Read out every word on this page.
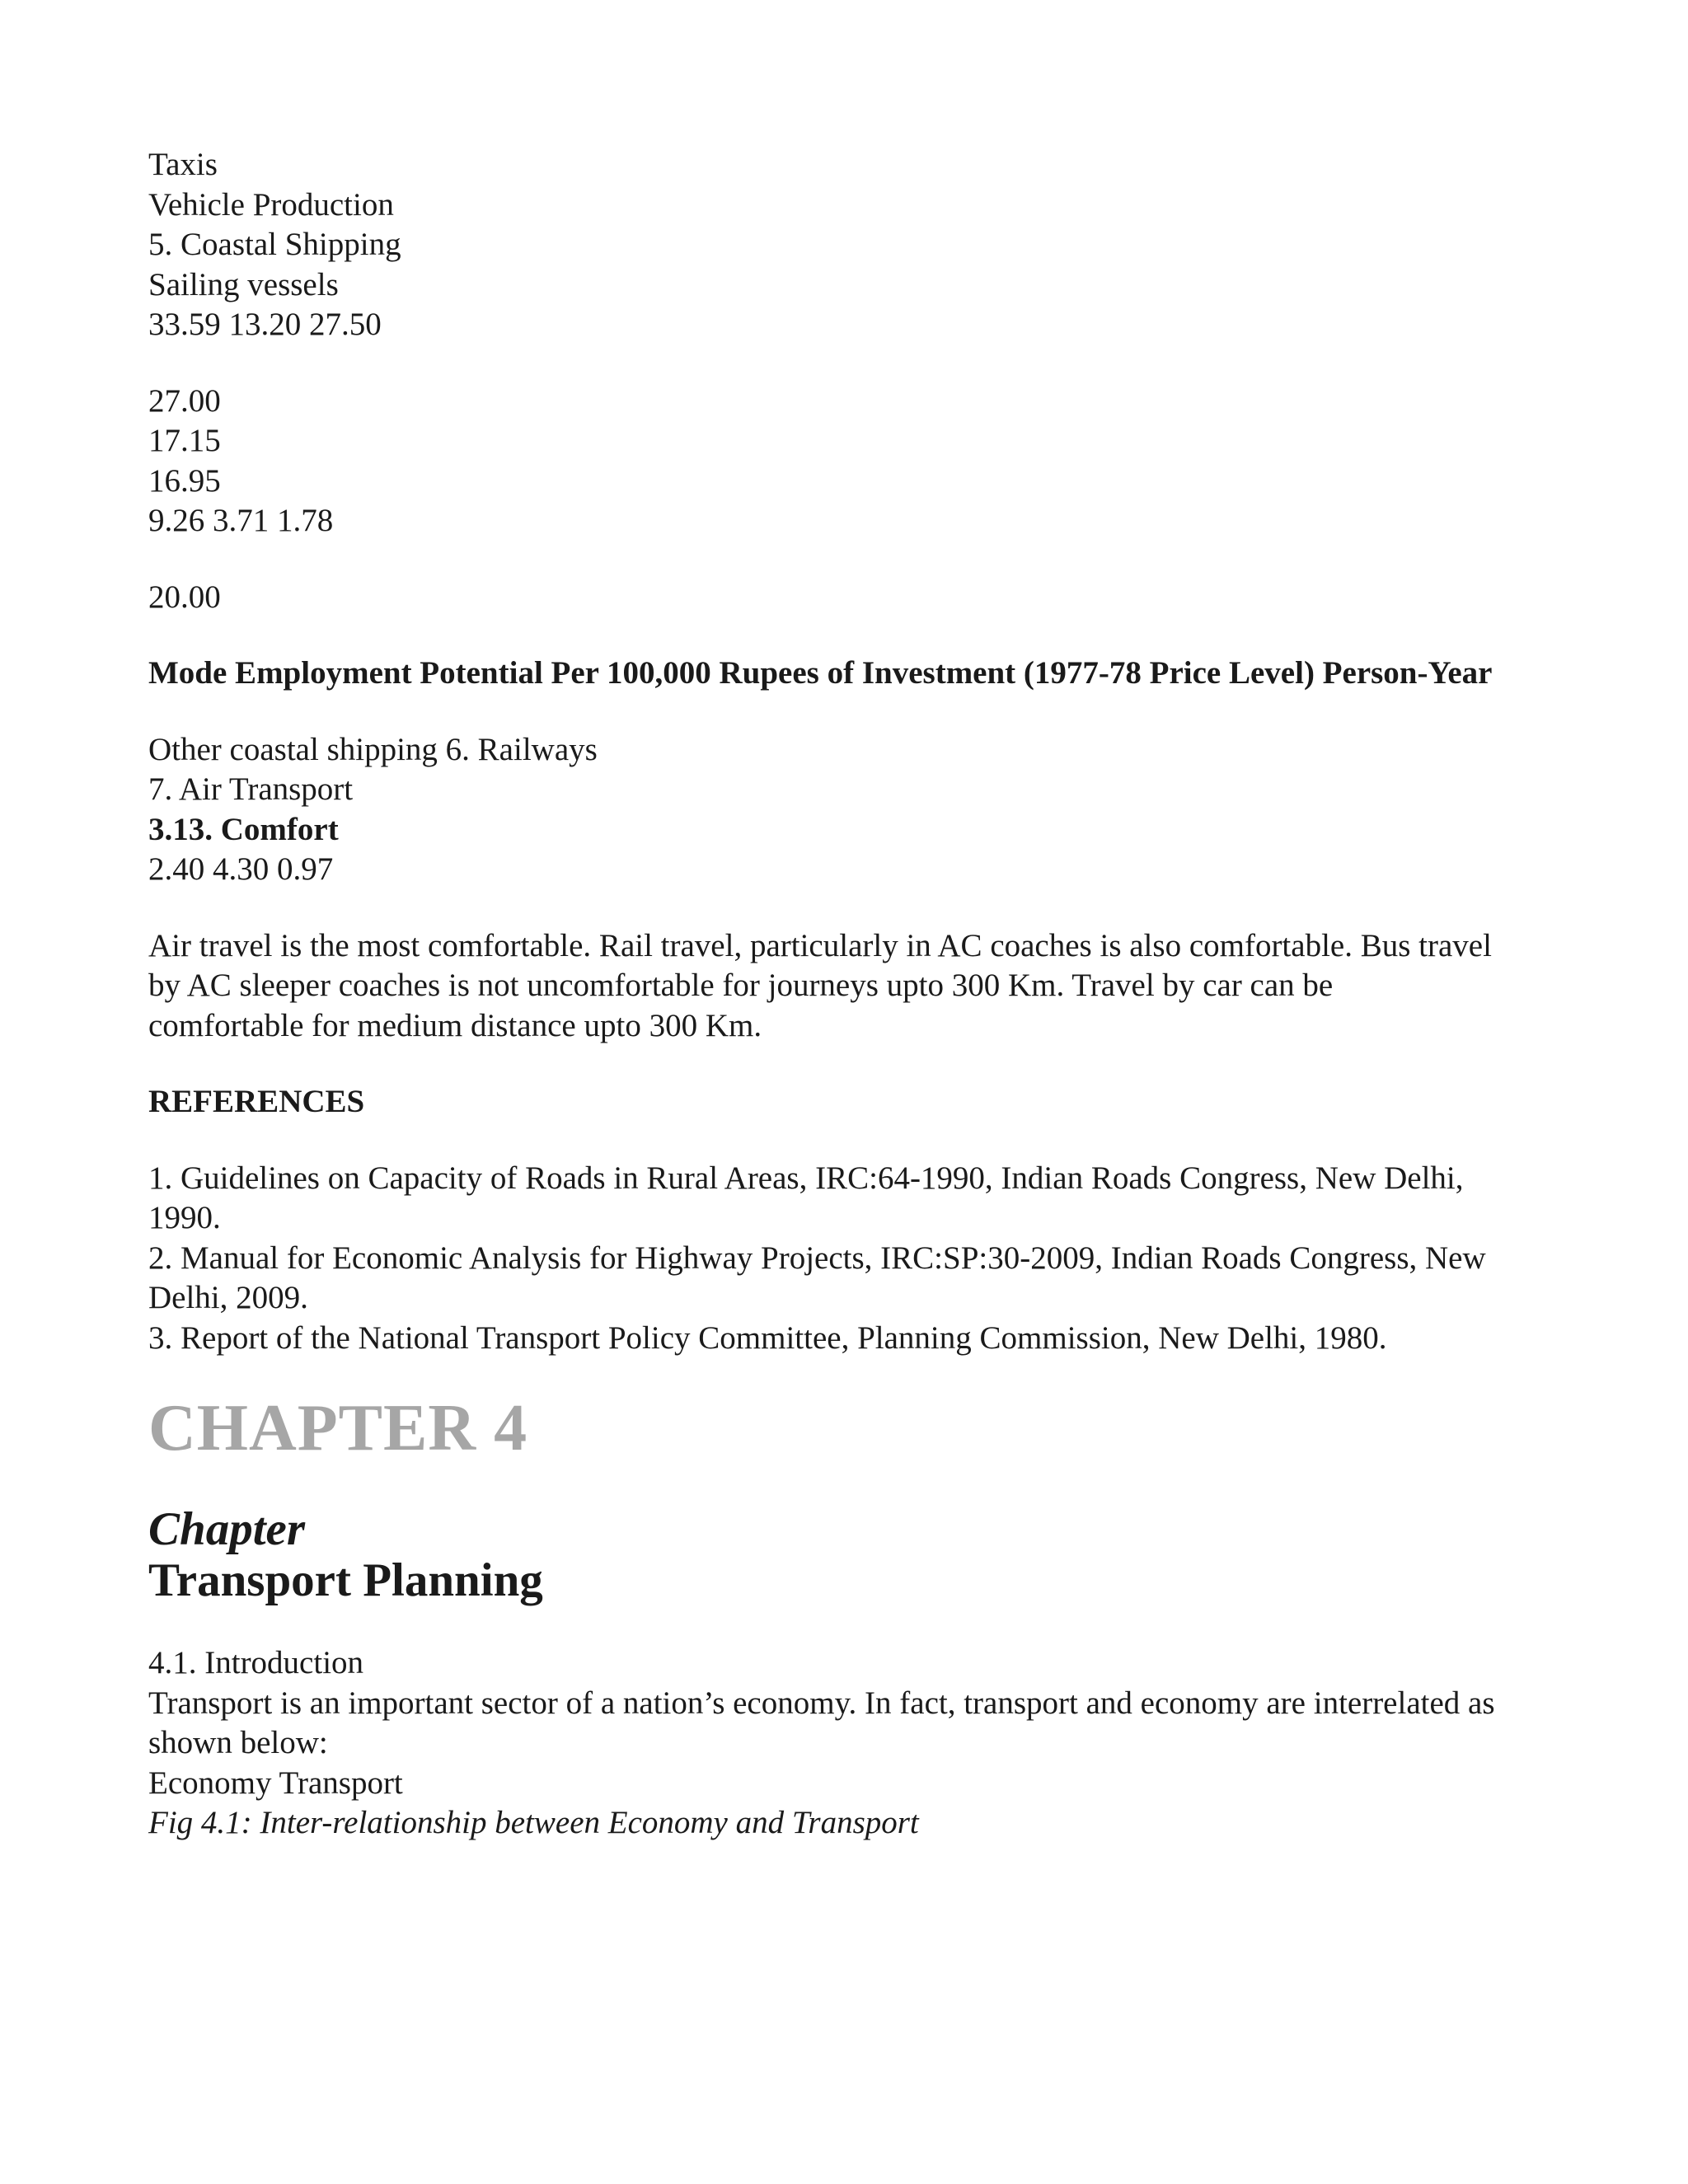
Taxis
Vehicle Production
5. Coastal Shipping
Sailing vessels
33.59 13.20 27.50
27.00
17.15
16.95
9.26 3.71 1.78
20.00
Mode Employment Potential Per 100,000 Rupees of Investment (1977-78 Price Level) Person-Year
Other coastal shipping 6. Railways
7. Air Transport
3.13. Comfort
2.40 4.30 0.97
Air travel is the most comfortable. Rail travel, particularly in AC coaches is also comfortable. Bus travel
by AC sleeper coaches is not uncomfortable for journeys upto 300 Km. Travel by car can be
comfortable for medium distance upto 300 Km.
REFERENCES
1. Guidelines on Capacity of Roads in Rural Areas, IRC:64-1990, Indian Roads Congress, New Delhi,
1990.
2. Manual for Economic Analysis for Highway Projects, IRC:SP:30-2009, Indian Roads Congress, New
Delhi, 2009.
3. Report of the National Transport Policy Committee, Planning Commission, New Delhi, 1980.
CHAPTER 4
Chapter
Transport Planning
4.1. Introduction
Transport is an important sector of a nation’s economy. In fact, transport and economy are interrelated as
shown below:
Economy Transport
Fig 4.1: Inter-relationship between Economy and Transport
